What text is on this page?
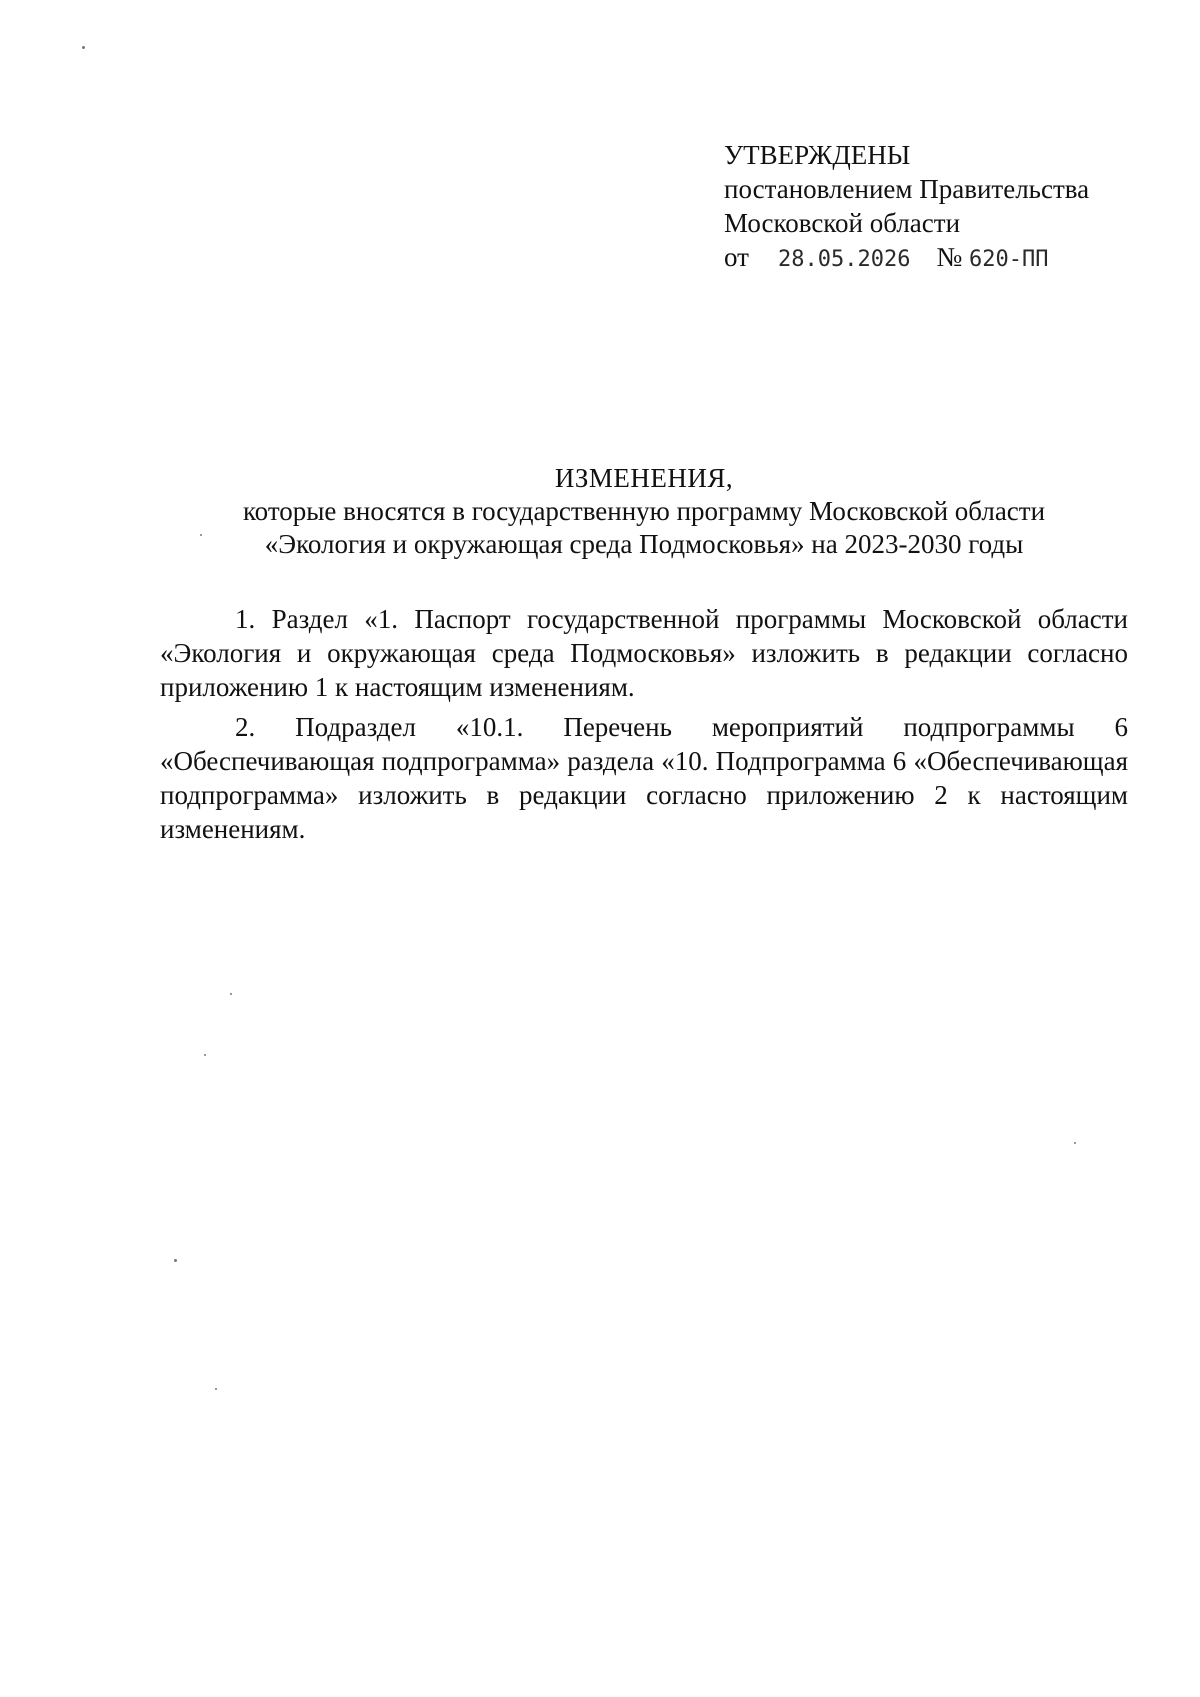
УТВЕРЖДЕНЫ
постановлением Правительства
Московской области
от 28.05.2026 № 620-ПП
ИЗМЕНЕНИЯ,
которые вносятся в государственную программу Московской области
«Экология и окружающая среда Подмосковья» на 2023-2030 годы

1. Раздел «1. Паспорт государственной программы Московской области «Экология и окружающая среда Подмосковья» изложить в редакции согласно приложению 1 к настоящим изменениям.

2. Подраздел «10.1. Перечень мероприятий подпрограммы 6 «Обеспечивающая подпрограмма» раздела «10. Подпрограмма 6 «Обеспечивающая подпрограмма» изложить в редакции согласно приложению 2 к настоящим изменениям.
